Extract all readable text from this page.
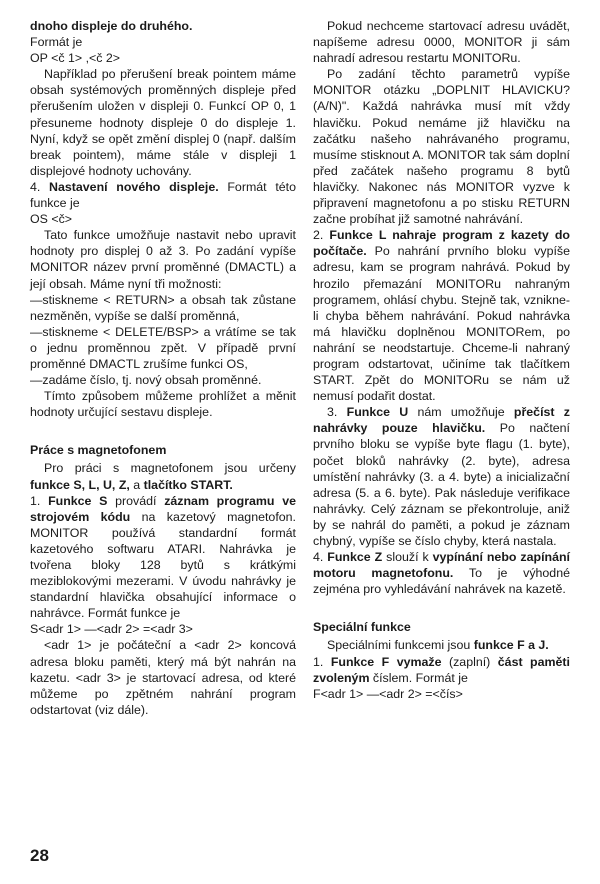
dnoho displeje do druhého.

Formát je

OP <č 1> ,<č 2>

Například po přerušení break pointem máme obsah systémových proměnných displeje před přerušením uložen v displeji 0. Funkcí OP 0, 1 přesuneme hodnoty displeje 0 do displeje 1. Nyní, když se opět změní displej 0 (např. dalším break pointem), máme stále v displeji 1 displejové hodnoty uchovány.

4. Nastavení nového displeje. Formát této funkce je

OS <č>

Tato funkce umožňuje nastavit nebo upravit hodnoty pro displej 0 až 3. Po zadání vypíše MONITOR název první proměnné (DMACTL) a její obsah. Máme nyní tři možnosti:

—stiskneme < RETURN> a obsah tak zůstane nezměněn, vypíše se další proměnná,

—stiskneme < DELETE/BSP> a vrátíme se tak o jednu proměnnou zpět. V případě první proměnné DMACTL zrušíme funkci OS,

—zadáme číslo, tj. nový obsah proměnné.

Tímto způsobem můžeme prohlížet a měnit hodnoty určující sestavu displeje.

Práce s magnetofonem

Pro práci s magnetofonem jsou určeny funkce S, L, U, Z, a tlačítko START.

1. Funkce S provádí záznam programu ve strojovém kódu na kazetový magnetofon. MONITOR používá standardní formát kazetového softwaru ATARI. Nahrávka je tvořena bloky 128 bytů s krátkými meziblokovými mezerami. V úvodu nahrávky je standardní hlavička obsahující informace o nahrávce. Formát funkce je

S<adr 1> —<adr 2> =<adr 3>

<adr 1> je počáteční a <adr 2> koncová adresa bloku paměti, který má být nahrán na kazetu. <adr 3> je startovací adresa, od které můžeme po zpětném nahrání program odstartovat (viz dále).

Pokud nechceme startovací adresu uvádět, napíšeme adresu 0000, MONITOR ji sám nahradí adresou restartu MONITORu.

Po zadání těchto parametrů vypíše MONITOR otázku „DOPLNIT HLAVICKU? (A/N)". Každá nahrávka musí mít vždy hlavičku. Pokud nemáme již hlavičku na začátku našeho nahrávaného programu, musíme stisknout A. MONITOR tak sám doplní před začátek našeho programu 8 bytů hlavičky. Nakonec nás MONITOR vyzve k připravení magnetofonu a po stisku RETURN začne probíhat již samotné nahrávání.

2. Funkce L nahraje program z kazety do počítače. Po nahrání prvního bloku vypíše adresu, kam se program nahrává. Pokud by hrozilo přemazání MONITORu nahraným programem, ohlásí chybu. Stejně tak, vznikne-li chyba během nahrávání. Pokud nahrávka má hlavičku doplněnou MONITORem, po nahrání se neodstartuje. Chceme-li nahraný program odstartovat, učiníme tak tlačítkem START. Zpět do MONITORu se nám už nemusí podařit dostat.

3. Funkce U nám umožňuje přečíst z nahrávky pouze hlavičku. Po načtení prvního bloku se vypíše byte flagu (1. byte), počet bloků nahrávky (2. byte), adresa umístění nahrávky (3. a 4. byte) a inicializační adresa (5. a 6. byte). Pak následuje verifikace nahrávky. Celý záznam se překontroluje, aniž by se nahrál do paměti, a pokud je záznam chybný, vypíše se číslo chyby, která nastala.

4. Funkce Z slouží k vypínání nebo zapínání motoru magnetofonu. To je výhodné zejména pro vyhledávání nahrávek na kazetě.

Speciální funkce

Speciálními funkcemi jsou funkce F a J.

1. Funkce F vymaže (zaplní) část paměti zvoleným číslem. Formát je

F<adr 1> —<adr 2> =<čís>

28
